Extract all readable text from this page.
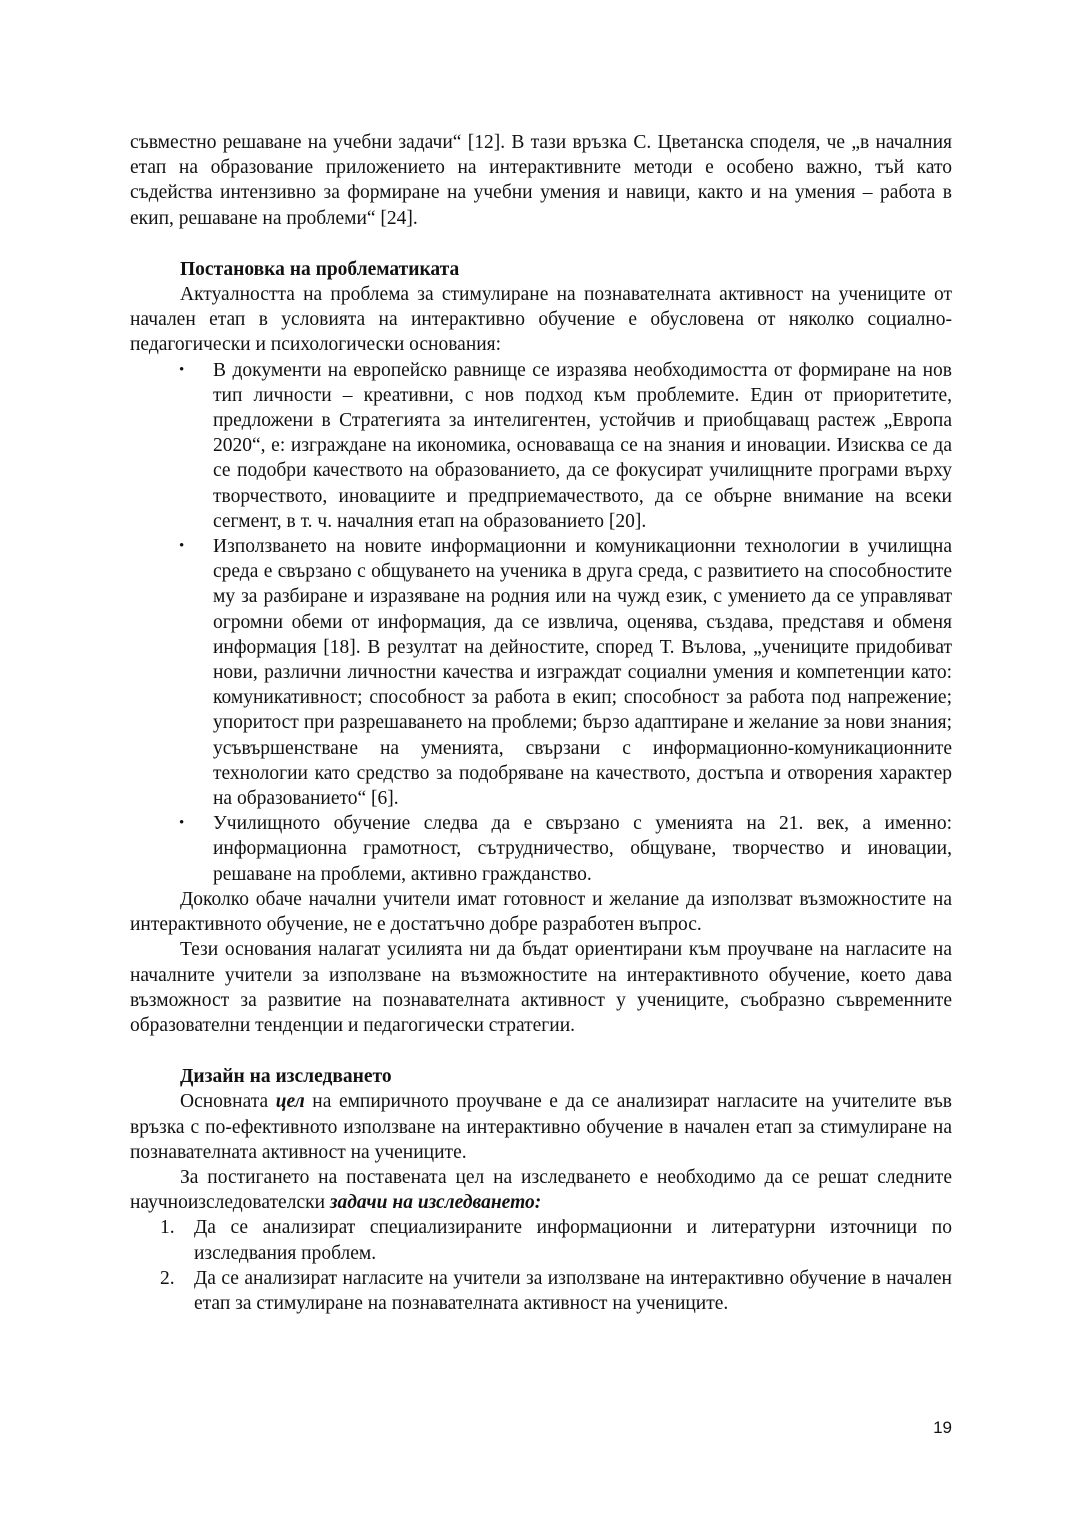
съвместно решаване на учебни задачи“ [12]. В тази връзка С. Цветанска споделя, че „в началния етап на образование приложението на интерактивните методи е особено важно, тъй като съдейства интензивно за формиране на учебни умения и навици, както и на умения – работа в екип, решаване на проблеми“ [24].

Постановка на проблематиката

Актуалността на проблема за стимулиране на познавателната активност на учениците от начален етап в условията на интерактивно обучение е обусловена от няколко социално-педагогически и психологически основания:

• В документи на европейско равнище се изразява необходимостта от формиране на нов тип личности – креативни, с нов подход към проблемите. Един от приоритетите, предложени в Стратегията за интелигентен, устойчив и приобщаващ растеж „Европа 2020“, е: изграждане на икономика, основаваща се на знания и иновации. Изисква се да се подобри качеството на образованието, да се фокусират училищните програми върху творчеството, иновациите и предприемачеството, да се обърне внимание на всеки сегмент, в т. ч. началния етап на образованието [20].
• Използването на новите информационни и комуникационни технологии в училищна среда е свързано с общуването на ученика в друга среда, с развитието на способностите му за разбиране и изразяване на родния или на чужд език, с умението да се управляват огромни обеми от информация, да се извлича, оценява, създава, представя и обменя информация [18]. В резултат на дейностите, според Т. Вълова, „учениците придобиват нови, различни личностни качества и изграждат социални умения и компетенции като: комуникативност; способност за работа в екип; способност за работа под напрежение; упоритост при разрешаването на проблеми; бързо адаптиране и желание за нови знания; усъвършенстване на уменията, свързани с информационно-комуникационните технологии като средство за подобряване на качеството, достъпа и отворения характер на образованието“ [6].
• Училищното обучение следва да е свързано с уменията на 21. век, а именно: информационна грамотност, сътрудничество, общуване, творчество и иновации, решаване на проблеми, активно гражданство.

Доколко обаче начални учители имат готовност и желание да използват възможностите на интерактивното обучение, не е достатъчно добре разработен въпрос.

Тези основания налагат усилията ни да бъдат ориентирани към проучване на нагласите на началните учители за използване на възможностите на интерактивното обучение, което дава възможност за развитие на познавателната активност у учениците, съобразно съвременните образователни тенденции и педагогически стратегии.

Дизайн на изследването

Основната цел на емпиричното проучване е да се анализират нагласите на учителите във връзка с по-ефективното използване на интерактивно обучение в начален етап за стимулиране на познавателната активност на учениците.

За постигането на поставената цел на изследването е необходимо да се решат следните научноизследователски задачи на изследването:

1. Да се анализират специализираните информационни и литературни източници по изследвания проблем.
2. Да се анализират нагласите на учители за използване на интерактивно обучение в начален етап за стимулиране на познавателната активност на учениците.
19
